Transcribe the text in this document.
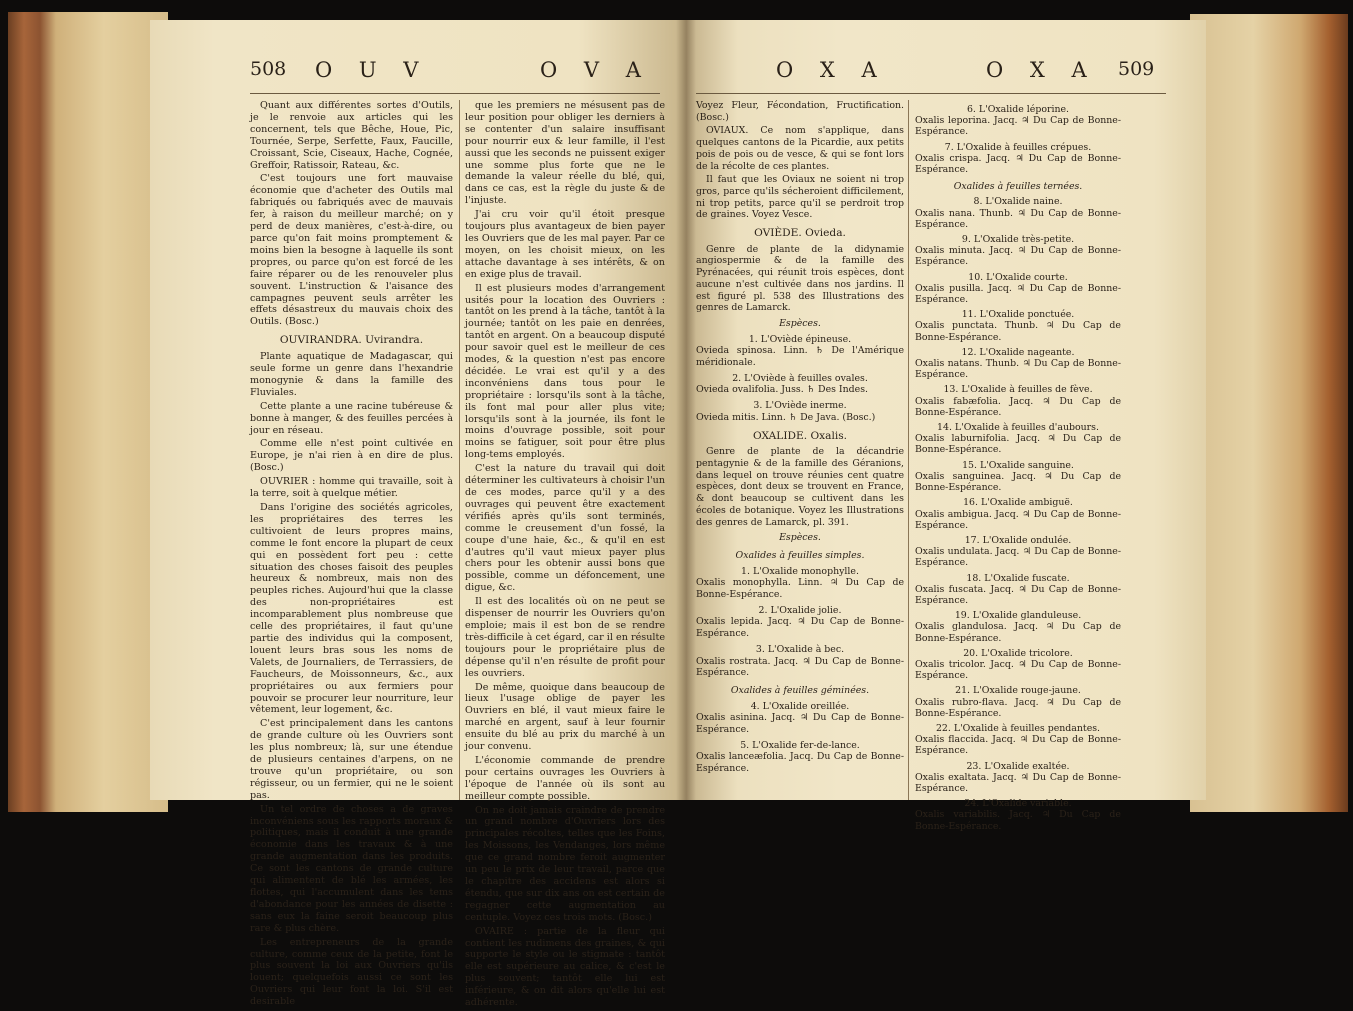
508 O U V	O V A

Quant aux différentes sortes d'Outils, je le renvoie aux articles qui les concernent, tels que Bêche, Houe, Pic, Tournée, Serpe, Serfette, Faux, Faucille, Croissant, Scie, Ciseaux, Hache, Cognée, Greffoir, Ratissoir, Rateau, &c.

C'est toujours une fort mauvaise économie que d'acheter des Outils mal fabriqués ou fabriqués avec de mauvais fer, à raison du meilleur marché; on y perd de deux manières, c'est-à-dire, ou parce qu'on fait moins promptement & moins bien la besogne à laquelle ils sont propres, ou parce qu'on est forcé de les faire réparer ou de les renouveler plus souvent. L'instruction & l'aisance des campagnes peuvent seuls arrêter les effets désastreux du mauvais choix des Outils. (Bosc.)

OUVIRANDRA. Uvirandra.

Plante aquatique de Madagascar, qui seule forme un genre dans l'hexandrie monogynie & dans la famille des Fluviales.

Cette plante a une racine tubéreuse & bonne à manger, & des feuilles percées à jour en réseau.

Comme elle n'est point cultivée en Europe, je n'ai rien à en dire de plus. (Bosc.)

OUVRIER : homme qui travaille, soit à la terre, soit à quelque métier.

Dans l'origine des sociétés agricoles, les propriétaires des terres les cultivoient de leurs propres mains, comme le font encore la plupart de ceux qui en possèdent fort peu : cette situation des choses faisoit des peuples heureux & nombreux, mais non des peuples riches. Aujourd'hui que la classe des non-propriétaires est incomparablement plus nombreuse que celle des propriétaires, il faut qu'une partie des individus qui la composent, louent leurs bras sous les noms de Valets, de Journaliers, de Terrassiers, de Faucheurs, de Moissonneurs, &c., aux propriétaires ou aux fermiers pour pouvoir se procurer leur nourriture, leur vêtement, leur logement, &c.

C'est principalement dans les cantons de grande culture où les Ouvriers sont les plus nombreux; là, sur une étendue de plusieurs centaines d'arpens, on ne trouve qu'un propriétaire, ou son régisseur, ou un fermier, qui ne le soient pas.

Un tel ordre de choses a de graves inconvéniens sous les rapports moraux & politiques, mais il conduit à une grande économie dans les travaux & à une grande augmentation dans les produits. Ce sont les cantons de grande culture qui alimentent de blé les armées, les flottes, qui l'accumulent dans les tems d'abondance pour les années de disette : sans eux la faine seroit beaucoup plus rare & plus chère.

Les entrepreneurs de la grande culture, comme ceux de la petite, font le plus souvent la loi aux Ouvriers qu'ils louent; quelquefois aussi ce sont les Ouvriers qui leur font la loi. S'il est desirable

que les premiers ne mésusent pas de leur position pour obliger les derniers à se contenter d'un salaire insuffisant pour nourrir eux & leur famille, il l'est aussi que les seconds ne puissent exiger une somme plus forte que ne le demande la valeur réelle du blé, qui, dans ce cas, est la règle du juste & de l'injuste.

J'ai cru voir qu'il étoit presque toujours plus avantageux de bien payer les Ouvriers que de les mal payer. Par ce moyen, on les choisit mieux, on les attache davantage à ses intérêts, & on en exige plus de travail.

Il est plusieurs modes d'arrangement usités pour la location des Ouvriers : tantôt on les prend à la tâche, tantôt à la journée; tantôt on les paie en denrées, tantôt en argent. On a beaucoup disputé pour savoir quel est le meilleur de ces modes, & la question n'est pas encore décidée. Le vrai est qu'il y a des inconvéniens dans tous pour le propriétaire : lorsqu'ils sont à la tâche, ils font mal pour aller plus vite; lorsqu'ils sont à la journée, ils font le moins d'ouvrage possible, soit pour moins se fatiguer, soit pour être plus long-tems employés.

C'est la nature du travail qui doit déterminer les cultivateurs à choisir l'un de ces modes, parce qu'il y a des ouvrages qui peuvent être exactement vérifiés après qu'ils sont terminés, comme le creusement d'un fossé, la coupe d'une haie, &c., & qu'il en est d'autres qu'il vaut mieux payer plus chers pour les obtenir aussi bons que possible, comme un défoncement, une digue, &c.

Il est des localités où on ne peut se dispenser de nourrir les Ouvriers qu'on emploie; mais il est bon de se rendre très-difficile à cet égard, car il en résulte toujours pour le propriétaire plus de dépense qu'il n'en résulte de profit pour les ouvriers.

De même, quoique dans beaucoup de lieux l'usage oblige de payer les Ouvriers en blé, il vaut mieux faire le marché en argent, sauf à leur fournir ensuite du blé au prix du marché à un jour convenu.

L'économie commande de prendre pour certains ouvrages les Ouvriers à l'époque de l'année où ils sont au meilleur compte possible.

On ne doit jamais craindre de prendre un grand nombre d'Ouvriers lors des principales récoltes, telles que les Foins, les Moissons, les Vendanges, lors même que ce grand nombre feroit augmenter un peu le prix de leur travail, parce que le chapitre des accidens est alors si étendu, que sur dix ans on est certain de regagner cette augmentation au centuple. Voyez ces trois mots. (Bosc.)

OVAIRE : partie de la fleur qui contient les rudimens des graines, & qui supporte le style ou le stigmate : tantôt elle est supérieure au calice, & c'est le plus souvent; tantôt elle lui est inférieure, & on dit alors qu'elle lui est adhérente.

O X A	O X A 509

Voyez Fleur, Fécondation, Fructification. (Bosc.)

OVIAUX. Ce nom s'applique, dans quelques cantons de la Picardie, aux petits pois de pois ou de vesce, & qui se font lors de la récolte de ces plantes.

Il faut que les Oviaux ne soient ni trop gros, parce qu'ils sécheroient difficilement, ni trop petits, parce qu'il se perdroit trop de graines. Voyez Vesce.

OVIÈDE. Ovieda.

Genre de plante de la didynamie angiospermie & de la famille des Pyrénacées, qui réunit trois espèces, dont aucune n'est cultivée dans nos jardins. Il est figuré pl. 538 des Illustrations des genres de Lamarck.

Espèces.

1. L'Oviède épineuse.

Ovieda spinosa. Linn. ♄ De l'Amérique méridionale.

2. L'Oviède à feuilles ovales.

Ovieda ovalifolia. Juss. ♄ Des Indes.

3. L'Oviède inerme.

Ovieda mitis. Linn. ♄ De Java. (Bosc.)

OXALIDE. Oxalis.

Genre de plante de la décandrie pentagynie & de la famille des Géranions, dans lequel on trouve réunies cent quatre espèces, dont deux se trouvent en France, & dont beaucoup se cultivent dans les écoles de botanique. Voyez les Illustrations des genres de Lamarck, pl. 391.

Espèces.

Oxalides à feuilles simples.

1. L'Oxalide monophylle.

Oxalis monophylla. Linn. ♃ Du Cap de Bonne-Espérance.

2. L'Oxalide jolie.

Oxalis lepida. Jacq. ♃ Du Cap de Bonne-Espérance.

3. L'Oxalide à bec.

Oxalis rostrata. Jacq. ♃ Du Cap de Bonne-Espérance.

Oxalides à feuilles géminées.

4. L'Oxalide oreillée.

Oxalis asinina. Jacq. ♃ Du Cap de Bonne-Espérance.

5. L'Oxalide fer-de-lance.

Oxalis lanceæfolia. Jacq. Du Cap de Bonne-Espérance.

6. L'Oxalide léporine.

Oxalis leporina. Jacq. ♃ Du Cap de Bonne-Espérance.

7. L'Oxalide à feuilles crépues.

Oxalis crispa. Jacq. ♃ Du Cap de Bonne-Espérance.

Oxalides à feuilles ternées.

8. L'Oxalide naine.

Oxalis nana. Thunb. ♃ Du Cap de Bonne-Espérance.

9. L'Oxalide très-petite.

Oxalis minuta. Jacq. ♃ Du Cap de Bonne-Espérance.

10. L'Oxalide courte.

Oxalis pusilla. Jacq. ♃ Du Cap de Bonne-Espérance.

11. L'Oxalide ponctuée.

Oxalis punctata. Thunb. ♃ Du Cap de Bonne-Espérance.

12. L'Oxalide nageante.

Oxalis natans. Thunb. ♃ Du Cap de Bonne-Espérance.

13. L'Oxalide à feuilles de fève.

Oxalis fabæfolia. Jacq. ♃ Du Cap de Bonne-Espérance.

14. L'Oxalide à feuilles d'aubours.

Oxalis laburnifolia. Jacq. ♃ Du Cap de Bonne-Espérance.

15. L'Oxalide sanguine.

Oxalis sanguinea. Jacq. ♃ Du Cap de Bonne-Espérance.

16. L'Oxalide ambiguë.

Oxalis ambigua. Jacq. ♃ Du Cap de Bonne-Espérance.

17. L'Oxalide ondulée.

Oxalis undulata. Jacq. ♃ Du Cap de Bonne-Espérance.

18. L'Oxalide fuscate.

Oxalis fuscata. Jacq. ♃ Du Cap de Bonne-Espérance.

19. L'Oxalide glanduleuse.

Oxalis glandulosa. Jacq. ♃ Du Cap de Bonne-Espérance.

20. L'Oxalide tricolore.

Oxalis tricolor. Jacq. ♃ Du Cap de Bonne-Espérance.

21. L'Oxalide rouge-jaune.

Oxalis rubro-flava. Jacq. ♃ Du Cap de Bonne-Espérance.

22. L'Oxalide à feuilles pendantes.

Oxalis flaccida. Jacq. ♃ Du Cap de Bonne-Espérance.

23. L'Oxalide exaltée.

Oxalis exaltata. Jacq. ♃ Du Cap de Bonne-Espérance.

24. L'Oxalide variable.

Oxalis variabilis. Jacq. ♃ Du Cap de Bonne-Espérance.
